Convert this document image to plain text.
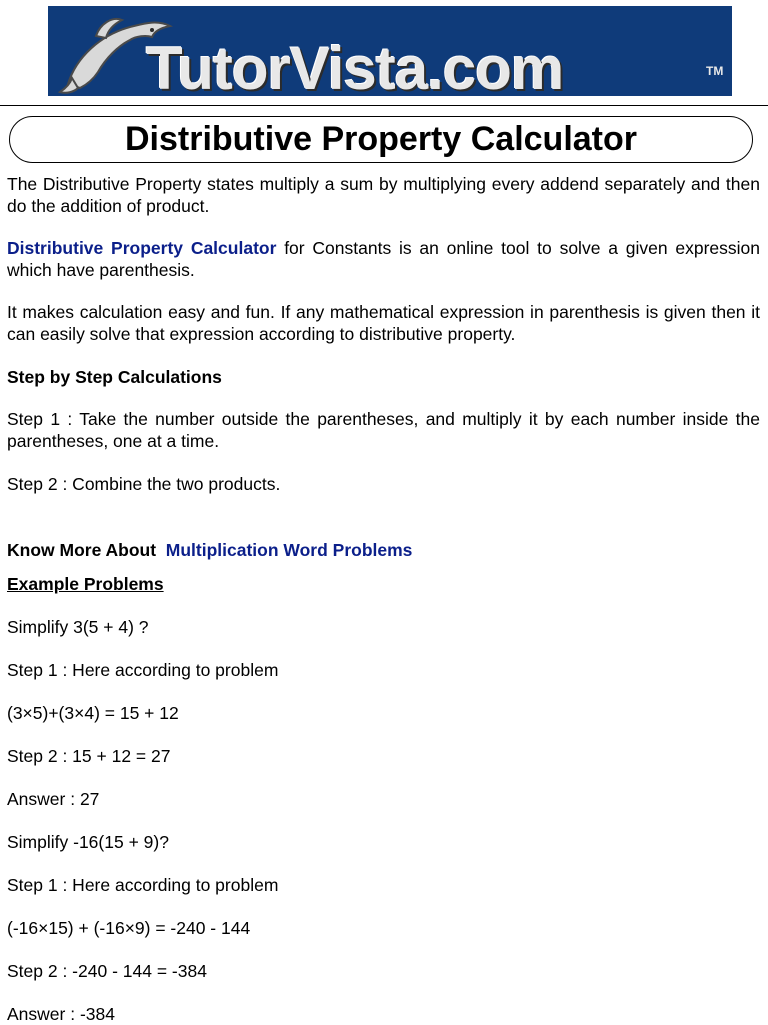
TutorVista.com	TM
Distributive Property Calculator

The Distributive Property states multiply a sum by multiplying every addend separately and then do the addition of product.

Distributive Property Calculator for Constants is an online tool to solve a given expression which have parenthesis.

It makes calculation easy and fun. If any mathematical expression in parenthesis is given then it can easily solve that expression according to distributive property.

Step by Step Calculations

Step 1 : Take the number outside the parentheses, and multiply it by each number inside the parentheses, one at a time.

Step 2 : Combine the two products.

Know More About  Multiplication Word Problems

Example Problems

Simplify 3(5 + 4) ?

Step 1 : Here according to problem

(3×5)+(3×4) = 15 + 12

Step 2 : 15 + 12 = 27

Answer : 27

Simplify -16(15 + 9)?

Step 1 : Here according to problem

(-16×15) + (-16×9) = -240 - 144

Step 2 : -240 - 144 = -384

Answer : -384
